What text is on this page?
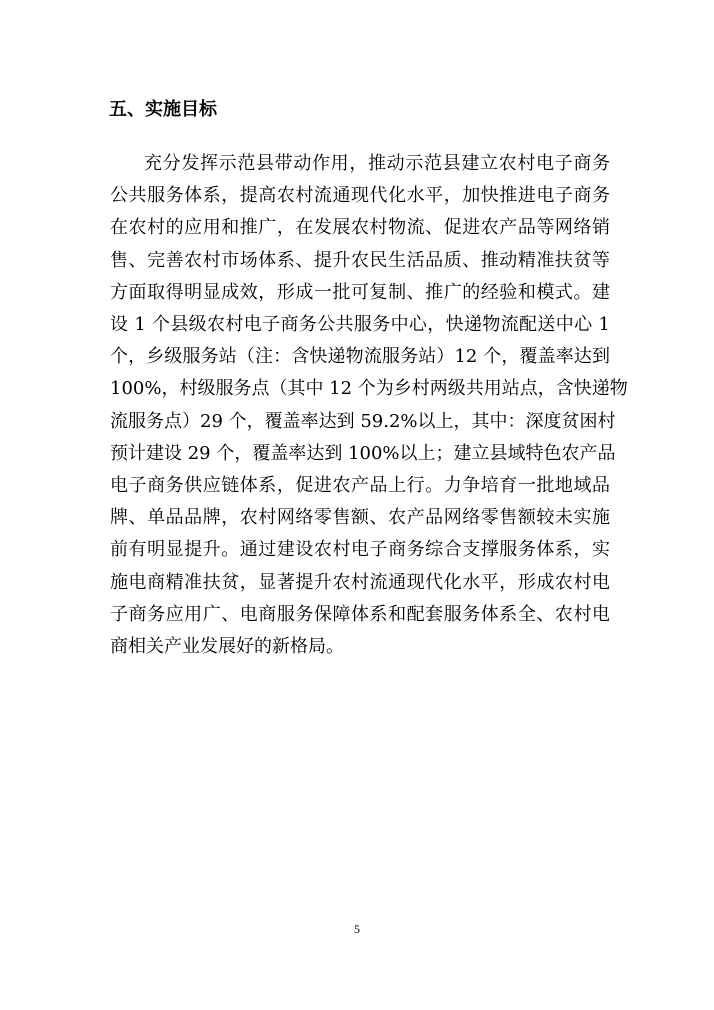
五、实施目标

充分发挥示范县带动作用，推动示范县建立农村电子商务
公共服务体系，提高农村流通现代化水平，加快推进电子商务
在农村的应用和推广，在发展农村物流、促进农产品等网络销
售、完善农村市场体系、提升农民生活品质、推动精准扶贫等
方面取得明显成效，形成一批可复制、推广的经验和模式。建
设 1 个县级农村电子商务公共服务中心，快递物流配送中心 1
个，乡级服务站（注：含快递物流服务站）12 个，覆盖率达到
100%，村级服务点（其中 12 个为乡村两级共用站点，含快递物
流服务点）29 个，覆盖率达到 59.2%以上，其中：深度贫困村
预计建设 29 个，覆盖率达到 100%以上；建立县域特色农产品
电子商务供应链体系，促进农产品上行。力争培育一批地域品
牌、单品品牌，农村网络零售额、农产品网络零售额较未实施
前有明显提升。通过建设农村电子商务综合支撑服务体系，实
施电商精准扶贫，显著提升农村流通现代化水平，形成农村电
子商务应用广、电商服务保障体系和配套服务体系全、农村电
商相关产业发展好的新格局。

5
